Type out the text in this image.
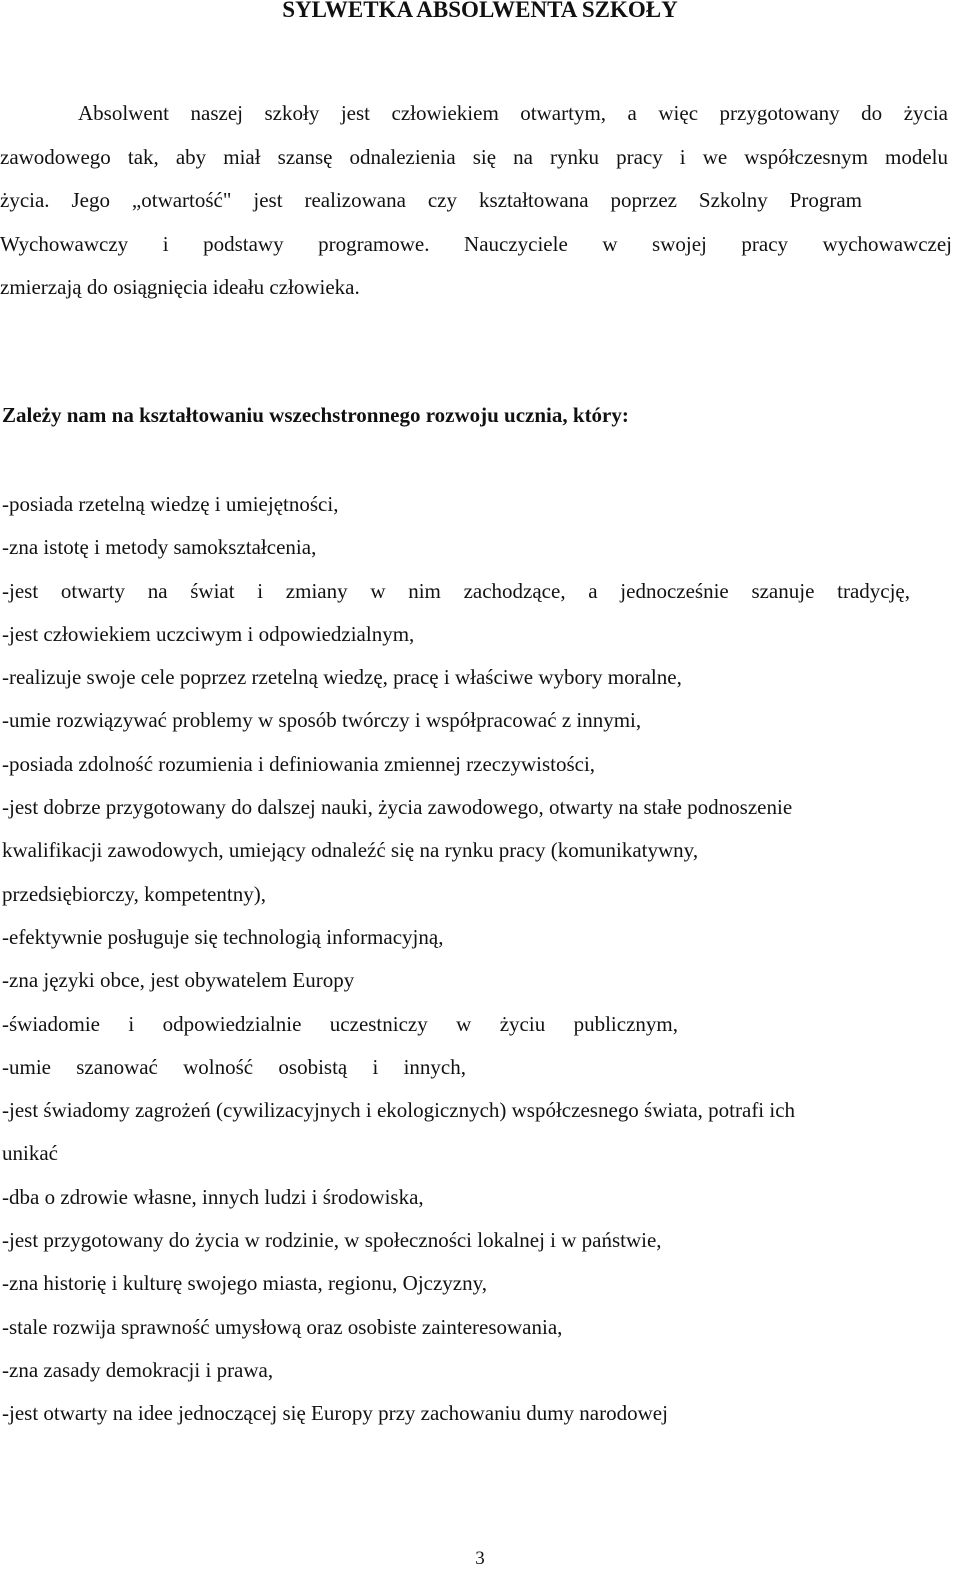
SYLWETKA ABSOLWENTA SZKOŁY
Absolwent naszej szkoły jest człowiekiem otwartym, a więc przygotowany do życia
zawodowego tak, aby miał szansę odnalezienia się na rynku pracy i we współczesnym modelu
życia. Jego „otwartość" jest realizowana czy kształtowana poprzez Szkolny Program
Wychowawczy i podstawy programowe. Nauczyciele w swojej pracy wychowawczej
zmierzają do osiągnięcia ideału człowieka.
Zależy nam na kształtowaniu wszechstronnego rozwoju ucznia, który:
-posiada rzetelną wiedzę i umiejętności,
-zna istotę i metody samokształcenia,
-jest otwarty na świat i zmiany w nim zachodzące, a jednocześnie szanuje tradycję,
-jest człowiekiem uczciwym i odpowiedzialnym,
-realizuje swoje cele poprzez rzetelną wiedzę, pracę i właściwe wybory moralne,
-umie rozwiązywać problemy w sposób twórczy i współpracować z innymi,
-posiada zdolność rozumienia i definiowania zmiennej rzeczywistości,
-jest dobrze przygotowany do dalszej nauki, życia zawodowego, otwarty na stałe podnoszenie
kwalifikacji zawodowych, umiejący odnaleźć się na rynku pracy (komunikatywny,
przedsiębiorczy, kompetentny),
-efektywnie posługuje się technologią informacyjną,
-zna języki obce, jest obywatelem Europy
-świadomie i odpowiedzialnie uczestniczy w życiu publicznym,
-umie szanować wolność osobistą i innych,
-jest świadomy zagrożeń (cywilizacyjnych i ekologicznych) współczesnego świata, potrafi ich
unikać
-dba o zdrowie własne, innych ludzi i środowiska,
-jest przygotowany do życia w rodzinie, w społeczności lokalnej i w państwie,
-zna historię i kulturę swojego miasta, regionu, Ojczyzny,
-stale rozwija sprawność umysłową oraz osobiste zainteresowania,
-zna zasady demokracji i prawa,
-jest otwarty na idee jednoczącej się Europy przy zachowaniu dumy narodowej
3
